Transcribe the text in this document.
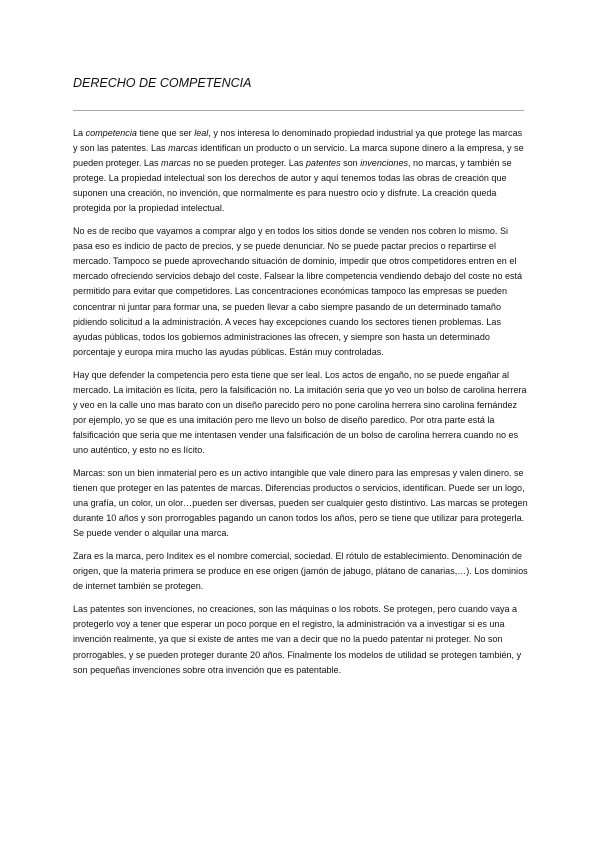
DERECHO DE COMPETENCIA

La competencia tiene que ser leal, y nos interesa lo denominado propiedad industrial ya que protege las marcas y son las patentes. Las marcas identifican un producto o un servicio. La marca supone dinero a la empresa, y se pueden proteger. Las marcas no se pueden proteger. Las patentes son invenciones, no marcas, y también se protege. La propiedad intelectual son los derechos de autor y aquí tenemos todas las obras de creación que suponen una creación, no invención, que normalmente es para nuestro ocio y disfrute. La creación queda protegida por la propiedad intelectual.

No es de recibo que vayamos a comprar algo y en todos los sitios donde se venden nos cobren lo mismo. Si pasa eso es indicio de pacto de precios, y se puede denunciar. No se puede pactar precios o repartirse el mercado. Tampoco se puede aprovechando situación de dominio, impedir que otros competidores entren en el mercado ofreciendo servicios debajo del coste. Falsear la libre competencia vendiendo debajo del coste no está permitido para evitar que competidores. Las concentraciones económicas tampoco las empresas se pueden concentrar ni juntar para formar una, se pueden llevar a cabo siempre pasando de un determinado tamaño pidiendo solicitud a la administración. A veces hay excepciones cuando los sectores tienen problemas. Las ayudas públicas, todos los gobiernos administraciones las ofrecen, y siempre son hasta un determinado porcentaje y europa mira mucho las ayudas públicas. Están muy controladas.

Hay que defender la competencia pero esta tiene que ser leal. Los actos de engaño, no se puede engañar al mercado. La imitación es lícita, pero la falsificación no. La imitación seria que yo veo un bolso de carolina herrera y veo en la calle uno mas barato con un diseño parecido pero no pone carolina herrera sino carolina fernández por ejemplo, yo se que es una imitación pero me llevo un bolso de diseño paredico. Por otra parte está la falsificación que seria que me intentasen vender una falsificación de un bolso de carolina herrera cuando no es uno auténtico, y esto no es lícito.

Marcas: son un bien inmaterial pero es un activo intangible que vale dinero para las empresas y valen dinero. se tienen que proteger en las patentes de marcas. Diferencias productos o servicios, identifican. Puede ser un logo, una grafía, un color, un olor…pueden ser diversas, pueden ser cualquier gesto distintivo. Las marcas se protegen durante 10 años y son prorrogables pagando un canon todos los años, pero se tiene que utilizar para protegerla. Se puede vender o alquilar una marca.

Zara es la marca, pero Inditex es el nombre comercial, sociedad. El rótulo de establecimiento. Denominación de origen, que la materia primera se produce en ese origen (jamón de jabugo, plátano de canarias,…). Los dominios de internet también se protegen.

Las patentes son invenciones, no creaciones, son las máquinas o los robots. Se protegen, pero cuando vaya a protegerlo voy a tener que esperar un poco porque en el registro, la administración va a investigar si es una invención realmente, ya que si existe de antes me van a decir que no la puedo patentar ni proteger. No son prorrogables, y se pueden proteger durante 20 años. Finalmente los modelos de utilidad se protegen también, y son pequeñas invenciones sobre otra invención que es patentable.
